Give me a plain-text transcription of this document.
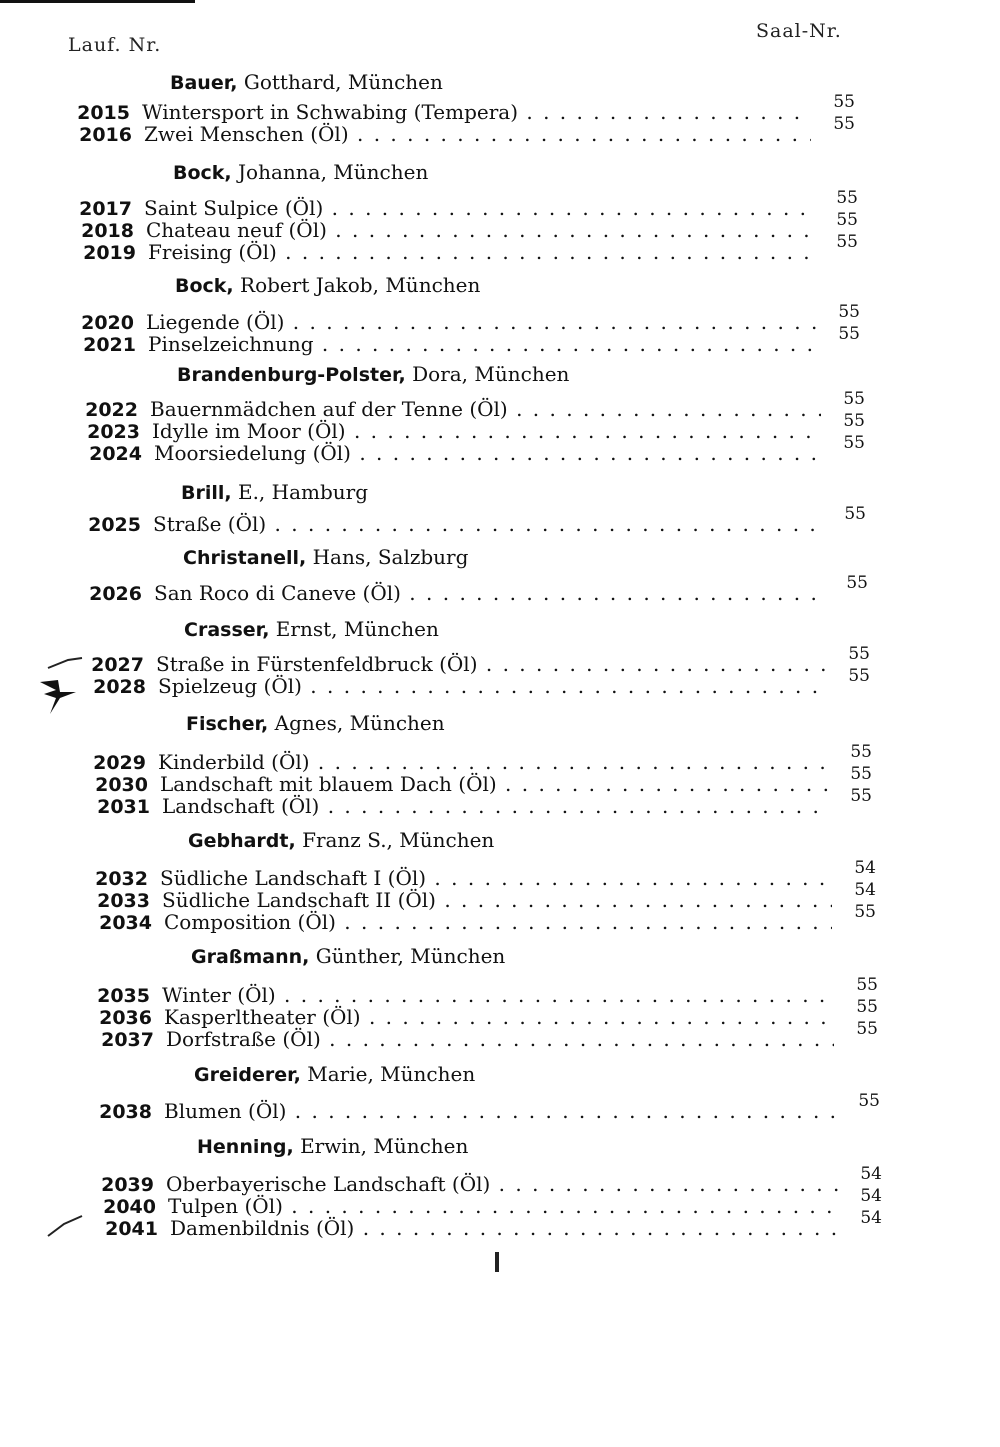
Lauf. Nr.
Saal-Nr.
Bauer, Gotthard, München
2015 Wintersport in Schwabing (Tempera) . . .	55
2016 Zwei Menschen (Öl) . . .	55
Bock, Johanna, München
2017 Saint Sulpice (Öl) . . .	55
2018 Chateau neuf (Öl) . . .	55
2019 Freising (Öl) . . .	55
Bock, Robert Jakob, München
2020 Liegende (Öl) . . .	55
2021 Pinselzeichnung . . .	55
Brandenburg-Polster, Dora, München
2022 Bauernmädchen auf der Tenne (Öl) . . .	55
2023 Idylle im Moor (Öl) . . .	55
2024 Moorsiedelung (Öl) . . .	55
Brill, E., Hamburg
2025 Straße (Öl) . . .	55
Christanell, Hans, Salzburg
2026 San Roco di Caneve (Öl) . . .	55
Crasser, Ernst, München
2027 Straße in Fürstenfeldbruck (Öl) . . .	55
2028 Spielzeug (Öl) . . .	55
Fischer, Agnes, München
2029 Kinderbild (Öl) . . .	55
2030 Landschaft mit blauem Dach (Öl) . . .	55
2031 Landschaft (Öl) . . .	55
Gebhardt, Franz S., München
2032 Südliche Landschaft I (Öl) . . .	54
2033 Südliche Landschaft II (Öl) . . .	54
2034 Composition (Öl) . . .	55
Graßmann, Günther, München
2035 Winter (Öl) . . .	55
2036 Kasperltheater (Öl) . . .	55
2037 Dorfstraße (Öl) . . .	55
Greiderer, Marie, München
2038 Blumen (Öl) . . .	55
Henning, Erwin, München
2039 Oberbayerische Landschaft (Öl) . . .	54
2040 Tulpen (Öl) . . .	54
2041 Damenbildnis (Öl) . . .	54
